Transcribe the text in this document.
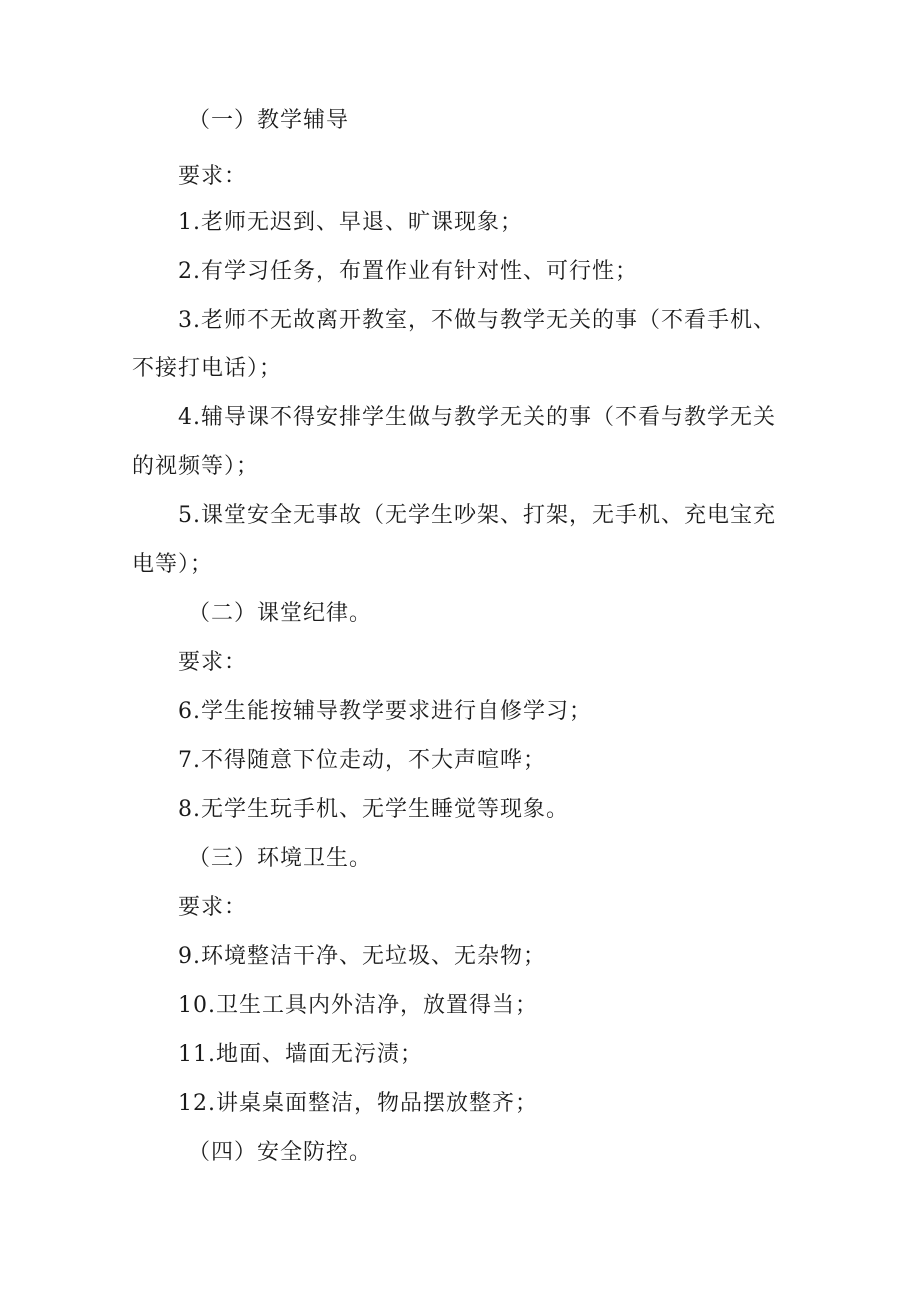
（一）教学辅导
要求：
1.老师无迟到、早退、旷课现象；
2.有学习任务，布置作业有针对性、可行性；
3.老师不无故离开教室，不做与教学无关的事（不看手机、
不接打电话）；
4.辅导课不得安排学生做与教学无关的事（不看与教学无关
的视频等）；
5.课堂安全无事故（无学生吵架、打架，无手机、充电宝充
电等）；
（二）课堂纪律。
要求：
6.学生能按辅导教学要求进行自修学习；
7.不得随意下位走动，不大声喧哗；
8.无学生玩手机、无学生睡觉等现象。
（三）环境卫生。
要求：
9.环境整洁干净、无垃圾、无杂物；
10.卫生工具内外洁净，放置得当；
11.地面、墙面无污渍；
12.讲桌桌面整洁，物品摆放整齐；
（四）安全防控。
